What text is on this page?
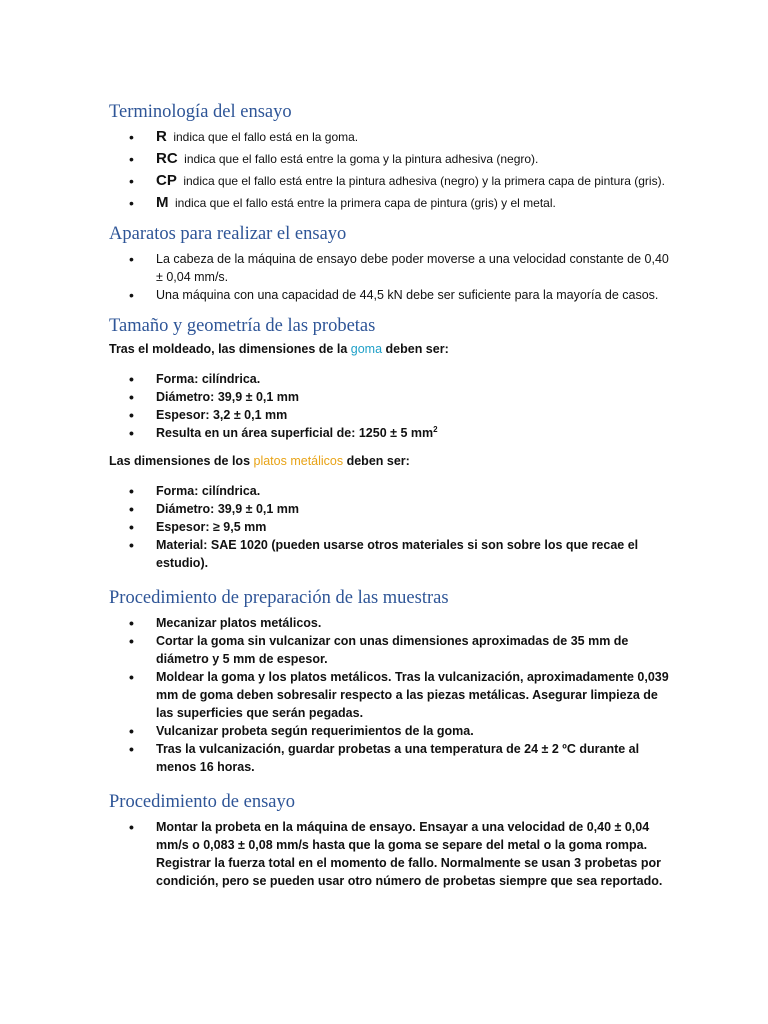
Terminología del ensayo
• R indica que el fallo está en la goma.
• RC indica que el fallo está entre la goma y la pintura adhesiva (negro).
• CP indica que el fallo está entre la pintura adhesiva (negro) y la primera capa de pintura (gris).
• M indica que el fallo está entre la primera capa de pintura (gris) y el metal.
Aparatos para realizar el ensayo
• La cabeza de la máquina de ensayo debe poder moverse a una velocidad constante de 0,40 ± 0,04 mm/s.
• Una máquina con una capacidad de 44,5 kN debe ser suficiente para la mayoría de casos.
Tamaño y geometría de las probetas

Tras el moldeado, las dimensiones de la goma deben ser:

• Forma: cilíndrica.
• Diámetro: 39,9 ± 0,1 mm
• Espesor: 3,2 ± 0,1 mm
• Resulta en un área superficial de: 1250 ± 5 $mm^2$

Las dimensiones de los platos metálicos deben ser:

• Forma: cilíndrica.
• Diámetro: 39,9 ± 0,1 mm
• Espesor: ≥ 9,5 mm
• Material: SAE 1020 (pueden usarse otros materiales si son sobre los que recae el estudio).
Procedimiento de preparación de las muestras
• Mecanizar platos metálicos.
• Cortar la goma sin vulcanizar con unas dimensiones aproximadas de 35 mm de diámetro y 5 mm de espesor.
• Moldear la goma y los platos metálicos. Tras la vulcanización, aproximadamente 0,039 mm de goma deben sobresalir respecto a las piezas metálicas. Asegurar limpieza de las superficies que serán pegadas.
• Vulcanizar probeta según requerimientos de la goma.
• Tras la vulcanización, guardar probetas a una temperatura de 24 ± 2 ºC durante al menos 16 horas.
Procedimiento de ensayo
• Montar la probeta en la máquina de ensayo. Ensayar a una velocidad de 0,40 ± 0,04 mm/s o 0,083 ± 0,08 mm/s hasta que la goma se separe del metal o la goma rompa. Registrar la fuerza total en el momento de fallo. Normalmente se usan 3 probetas por condición, pero se pueden usar otro número de probetas siempre que sea reportado.
